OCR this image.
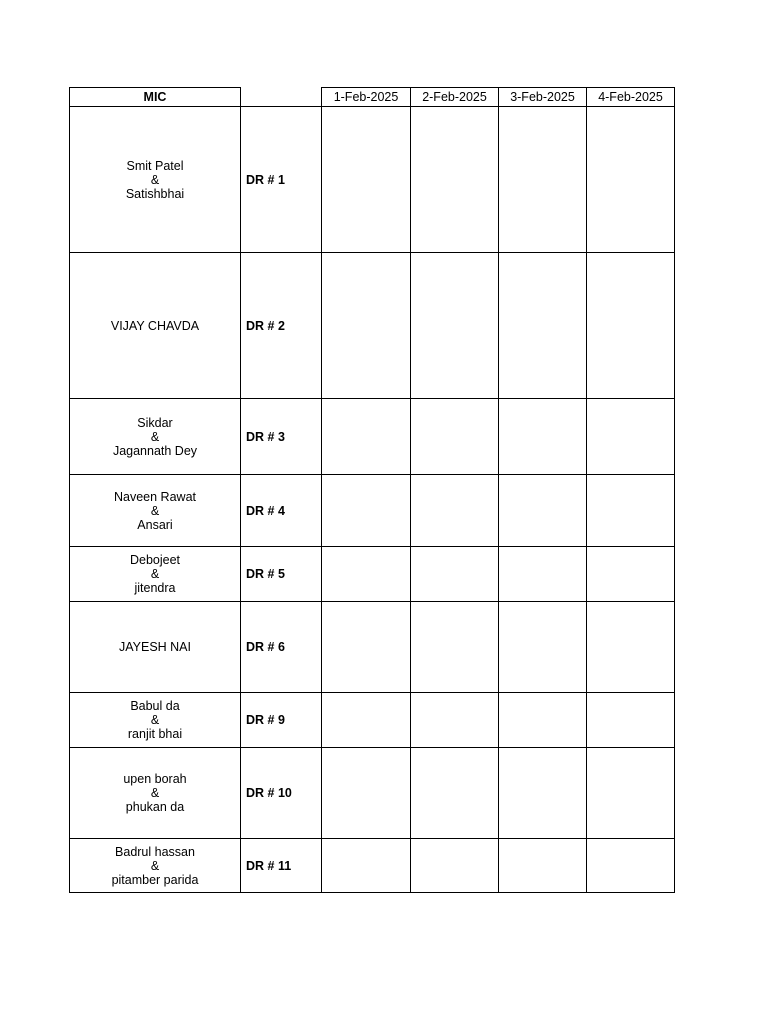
MIC		1-Feb-2025	2-Feb-2025	3-Feb-2025	4-Feb-2025

Smit Patel
&
Satishbhai	DR # 1				

VIJAY CHAVDA	DR # 2				

Sikdar
&
Jagannath Dey	DR # 3				

Naveen Rawat
&
Ansari	DR # 4				

Debojeet
&
jitendra	DR # 5				

JAYESH NAI	DR # 6				

Babul da
&
ranjit bhai	DR # 9				

upen borah
&
phukan da	DR # 10				

Badrul hassan
&
pitamber parida	DR # 11				
